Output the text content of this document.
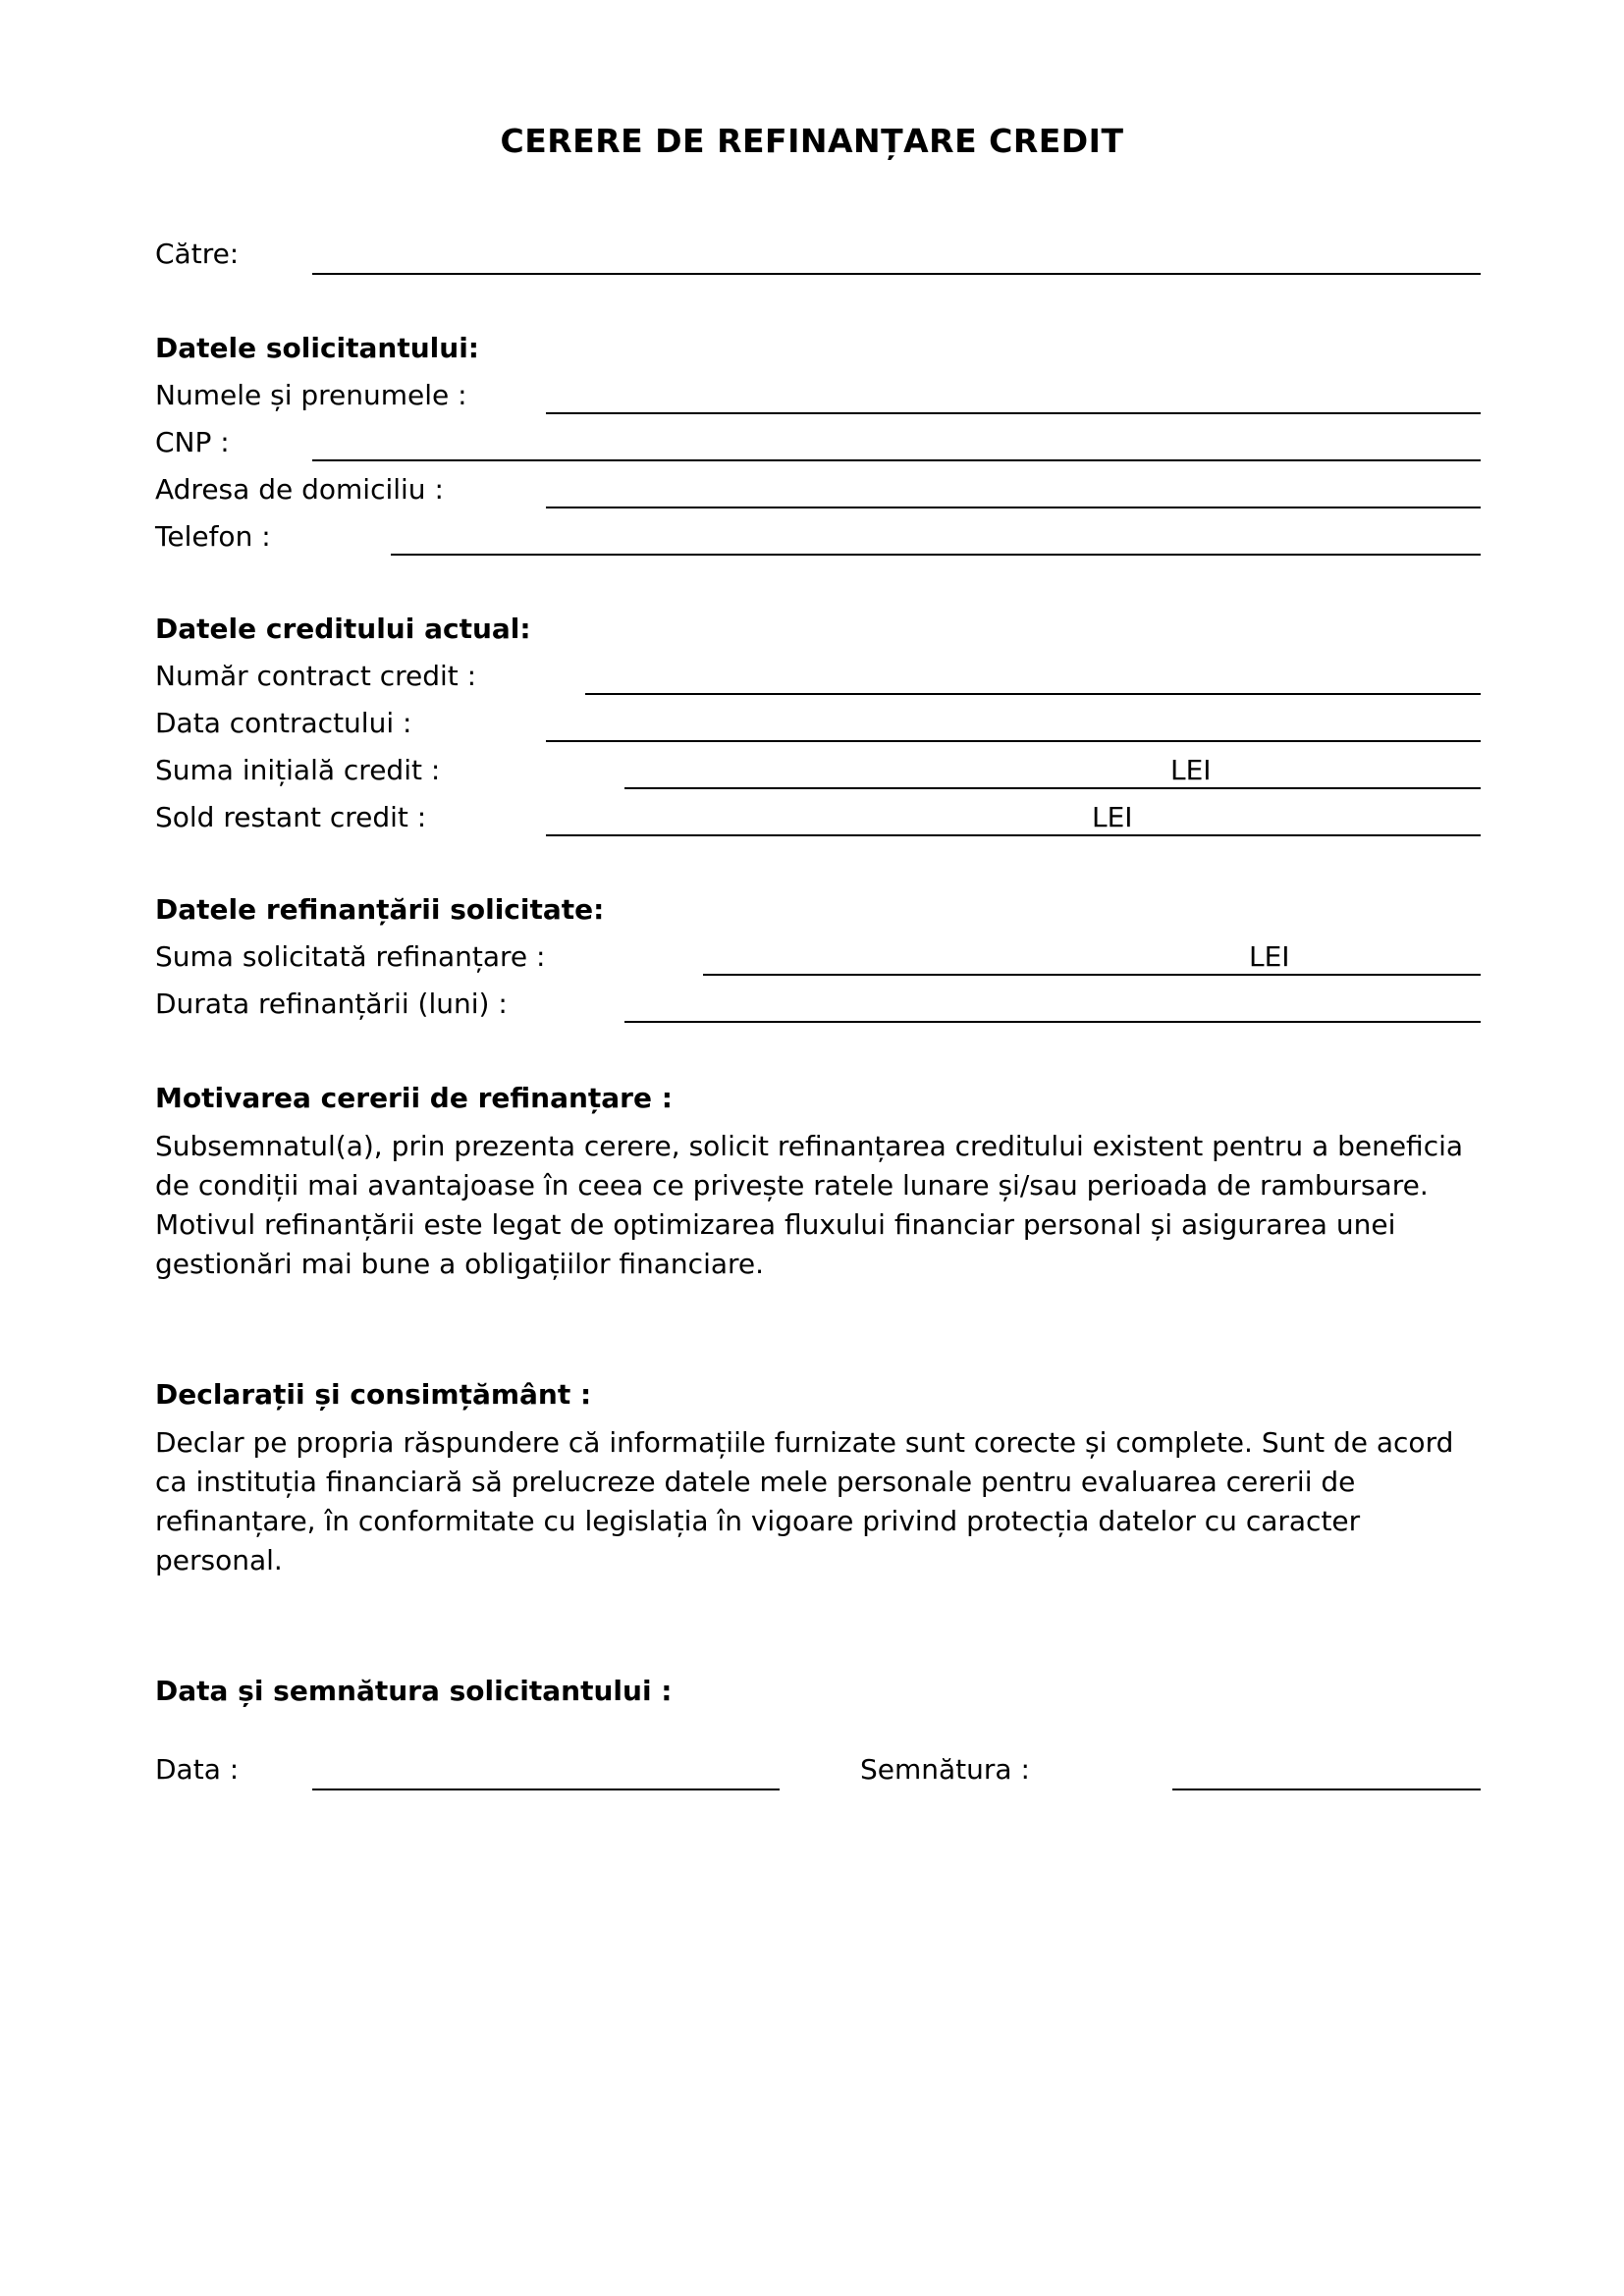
CERERE DE REFINANȚARE CREDIT
Către:
Datele solicitantului:
Numele și prenumele :
CNP :
Adresa de domiciliu :
Telefon :
Datele creditului actual:
Număr contract credit :
Data contractului :
Suma inițială credit :	LEI
Sold restant credit :	LEI
Datele refinanțării solicitate:
Suma solicitată refinanțare :	LEI
Durata refinanțării (luni) :
Motivarea cererii de refinanțare :
Subsemnatul(a), prin prezenta cerere, solicit refinanțarea creditului existent pentru a beneficia de condiții mai avantajoase în ceea ce privește ratele lunare și/sau perioada de rambursare. Motivul refinanțării este legat de optimizarea fluxului financiar personal și asigurarea unei gestionări mai bune a obligațiilor financiare.
Declarații și consimțământ :
Declar pe propria răspundere că informațiile furnizate sunt corecte și complete. Sunt de acord ca instituția financiară să prelucreze datele mele personale pentru evaluarea cererii de refinanțare, în conformitate cu legislația în vigoare privind protecția datelor cu caracter personal.
Data și semnătura solicitantului :
Data :	Semnătura :
